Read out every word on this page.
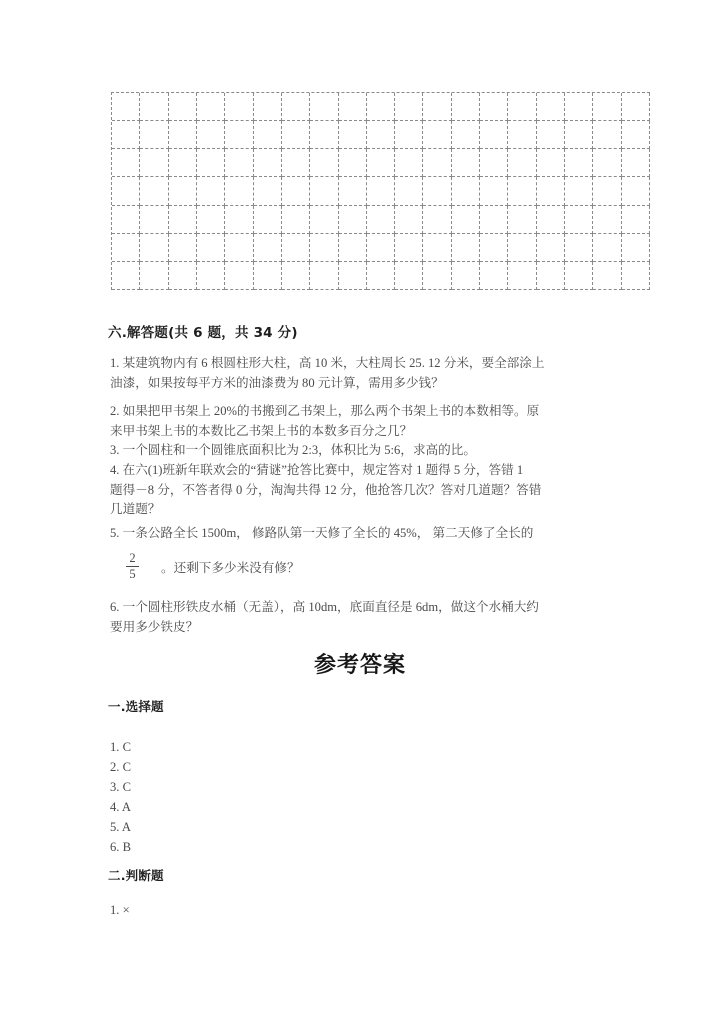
六.解答题(共 6 题，共 34 分)
1. 某建筑物内有 6 根圆柱形大柱，高 10 米，大柱周长 25. 12 分米，要全部涂上
油漆，如果按每平方米的油漆费为 80 元计算，需用多少钱？
2. 如果把甲书架上 20%的书搬到乙书架上，那么两个书架上书的本数相等。原
来甲书架上书的本数比乙书架上书的本数多百分之几？
3. 一个圆柱和一个圆锥底面积比为 2:3，体积比为 5:6，求高的比。
4. 在六(1)班新年联欢会的“猜谜”抢答比赛中，规定答对 1 题得 5 分，答错 1
题得－8 分，不答者得 0 分，淘淘共得 12 分，他抢答几次？答对几道题？答错
几道题？
5. 一条公路全长 1500m， 修路队第一天修了全长的 45%， 第二天修了全长的
$\frac{2}{5}$ 。还剩下多少米没有修？
6. 一个圆柱形铁皮水桶（无盖），高 10dm，底面直径是 6dm，做这个水桶大约
要用多少铁皮？
参考答案
一.选择题
1. C
2. C
3. C
4. A
5. A
6. B
二.判断题
1. ×
